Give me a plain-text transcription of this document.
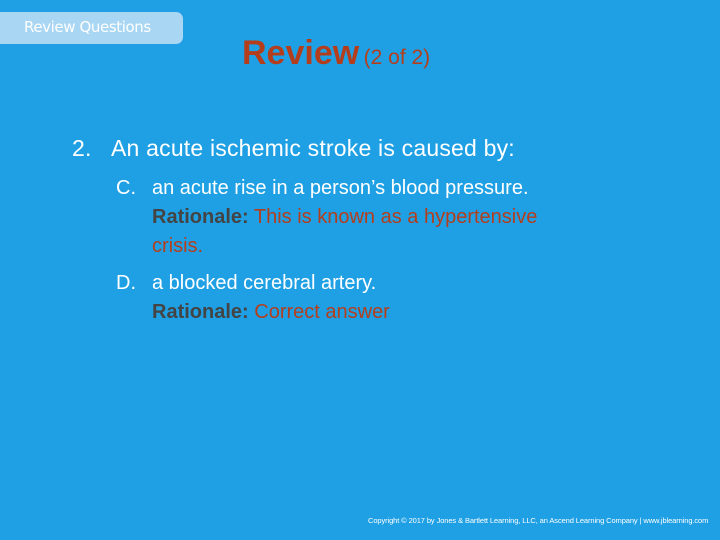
Review Questions
Review (2 of 2)
2. An acute ischemic stroke is caused by:
C. an acute rise in a person’s blood pressure.
Rationale: This is known as a hypertensive
crisis.
D. a blocked cerebral artery.
Rationale: Correct answer
Copyright © 2017 by Jones & Bartlett Learning, LLC, an Ascend Learning Company | www.jblearning.com
